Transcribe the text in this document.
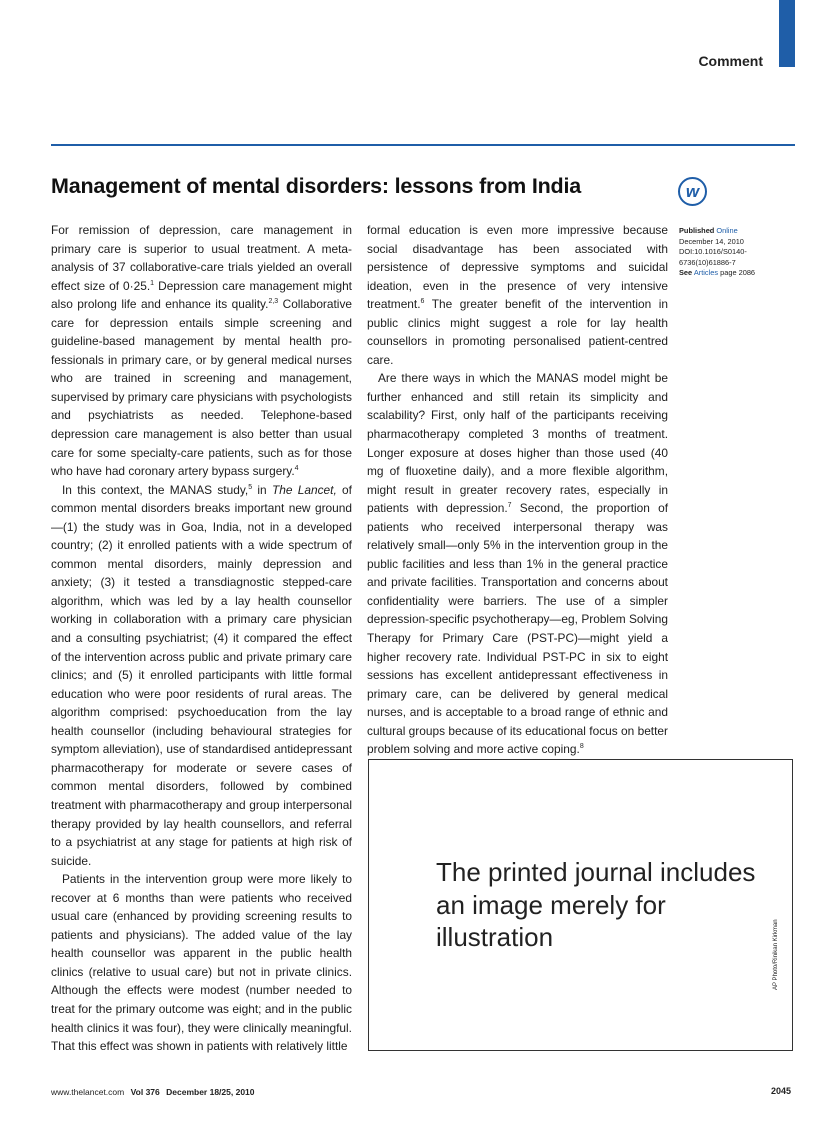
Comment
Management of mental disorders: lessons from India	w

For remission of depression, care management in primary care is superior to usual treatment. A meta-analysis of 37 collaborative-care trials yielded an overall effect size of 0·25.$^1$ Depression care management might also prolong life and enhance its quality.$^{2,3}$ Collaborative care for depression entails simple screening and guideline-based management by mental health pro-fessionals in primary care, or by general medical nurses who are trained in screening and management, supervised by primary care physicians with psychologists and psychiatrists as needed. Telephone-based depression care management is also better than usual care for some specialty-care patients, such as for those who have had coronary artery bypass surgery.$^4$

In this context, the MANAS study,$^5$ in The Lancet, of common mental disorders breaks important new ground—(1) the study was in Goa, India, not in a developed country; (2) it enrolled patients with a wide spectrum of common mental disorders, mainly depression and anxiety; (3) it tested a transdiagnostic stepped-care algorithm, which was led by a lay health counsellor working in collaboration with a primary care physician and a consulting psychiatrist; (4) it compared the effect of the intervention across public and private primary care clinics; and (5) it enrolled participants with little formal education who were poor residents of rural areas. The algorithm comprised: psychoeducation from the lay health counsellor (including behavioural strategies for symptom alleviation), use of standardised antidepressant pharmacotherapy for moderate or severe cases of common mental disorders, followed by combined treatment with pharmacotherapy and group interpersonal therapy provided by lay health counsellors, and referral to a psychiatrist at any stage for patients at high risk of suicide.

Patients in the intervention group were more likely to recover at 6 months than were patients who received usual care (enhanced by providing screening results to patients and physicians). The added value of the lay health counsellor was apparent in the public health clinics (relative to usual care) but not in private clinics. Although the effects were modest (number needed to treat for the primary outcome was eight; and in the public health clinics it was four), they were clinically meaningful. That this effect was shown in patients with relatively little

formal education is even more impressive because social disadvantage has been associated with persistence of depressive symptoms and suicidal ideation, even in the presence of very intensive treatment.$^6$ The greater benefit of the intervention in public clinics might suggest a role for lay health counsellors in promoting personalised patient-centred care.

Are there ways in which the MANAS model might be further enhanced and still retain its simplicity and scalability? First, only half of the participants receiving pharmacotherapy completed 3 months of treatment. Longer exposure at doses higher than those used (40 mg of fluoxetine daily), and a more flexible algorithm, might result in greater recovery rates, especially in patients with depression.$^7$ Second, the proportion of patients who received interpersonal therapy was relatively small—only 5% in the intervention group in the public facilities and less than 1% in the general practice and private facilities. Transportation and concerns about confidentiality were barriers. The use of a simpler depression-specific psychotherapy—eg, Problem Solving Therapy for Primary Care (PST-PC)—might yield a higher recovery rate. Individual PST-PC in six to eight sessions has excellent antidepressant effectiveness in primary care, can be delivered by general medical nurses, and is acceptable to a broad range of ethnic and cultural groups because of its educational focus on better problem solving and more active coping.$^8$

Published Online
December 14, 2010
DOI:10.1016/S0140-6736(10)61886-7
See Articles page 2086
The printed journal includes an image merely for illustration	AP Photo/Rinikan Kirkman
www.thelancet.com Vol 376 December 18/25, 2010	2045
